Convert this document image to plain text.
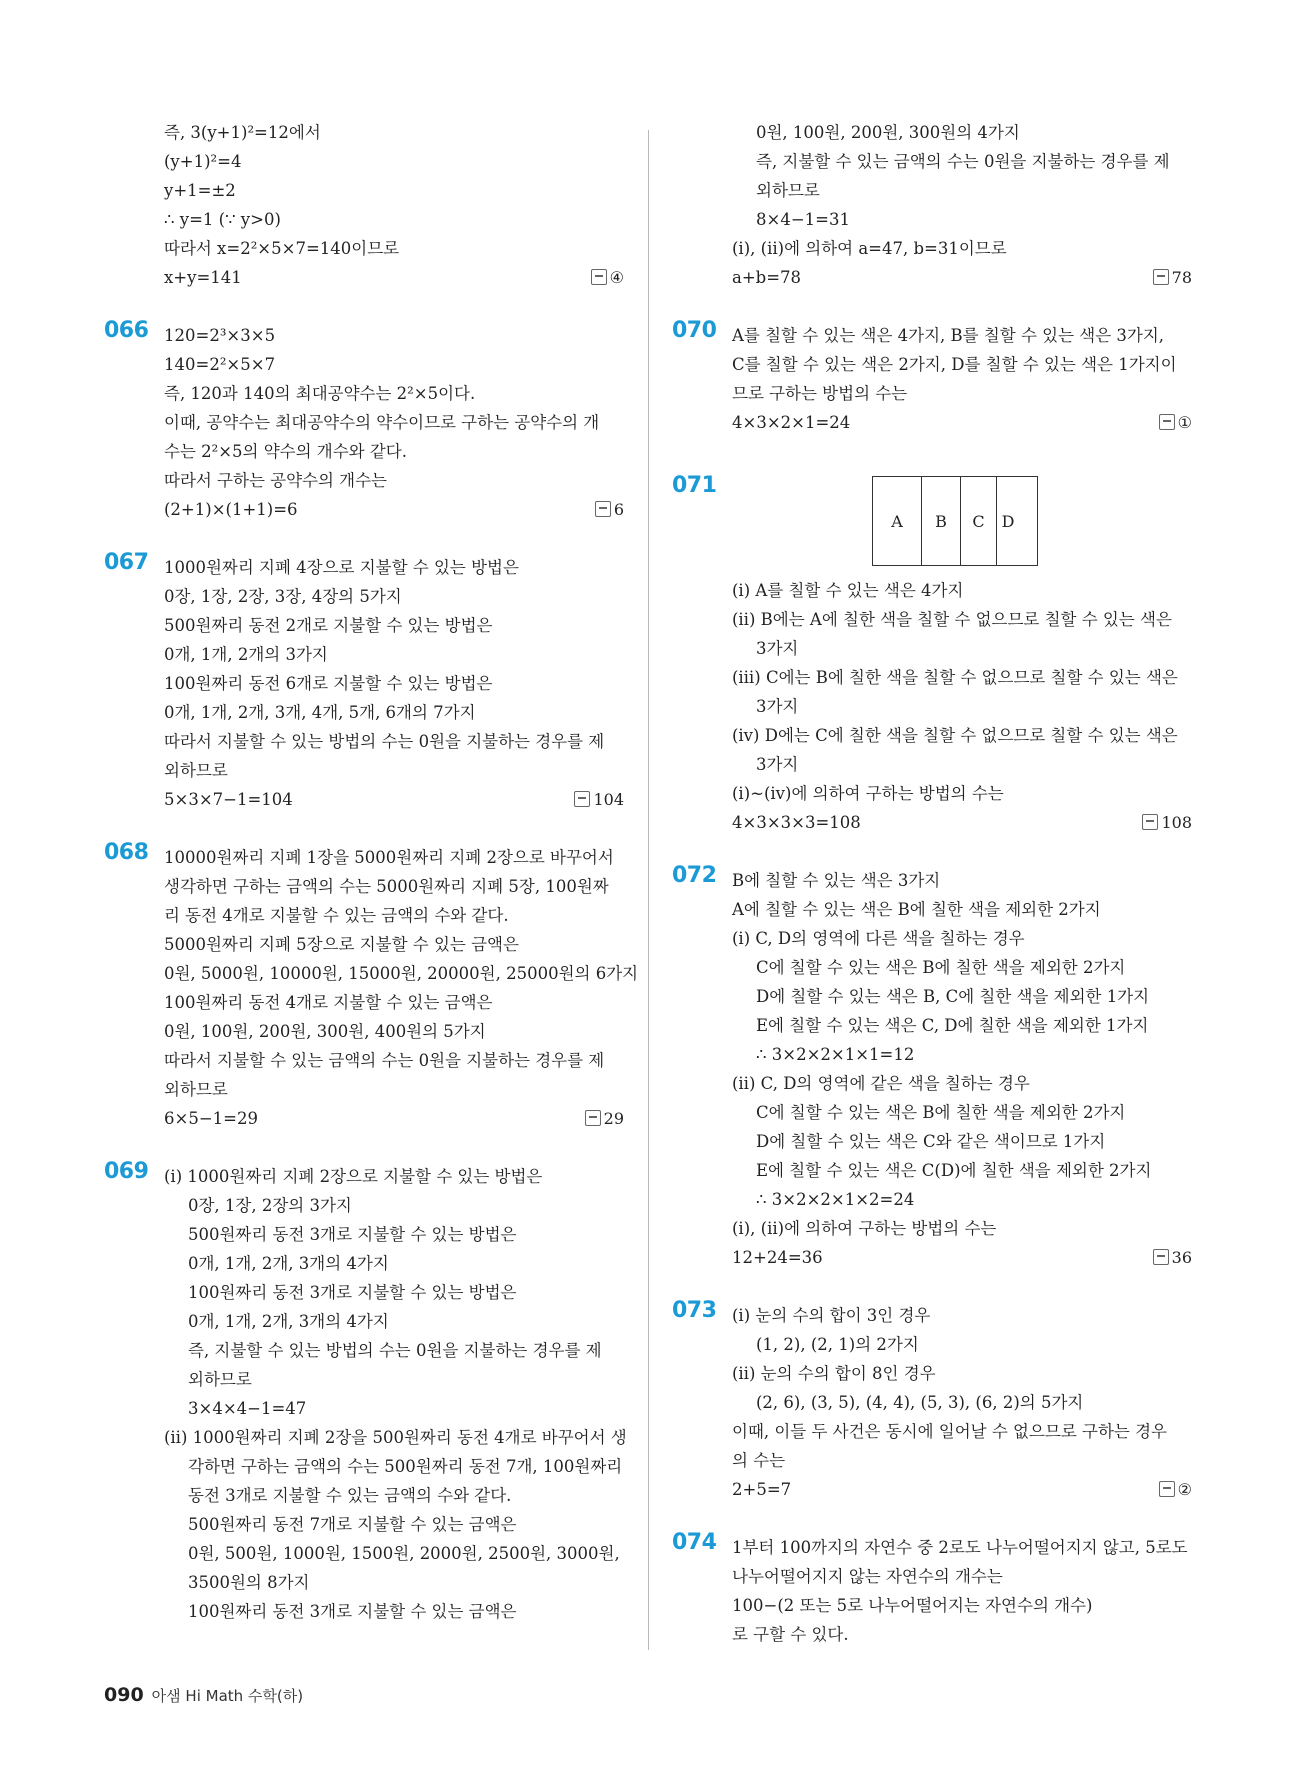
즉, 3(y+1)²=12에서
(y+1)²=4
y+1=±2
∴ y=1 (∵ y>0)
따라서 x=2²×5×7=140이므로
x+y=141	④
066 120=2³×3×5
140=2²×5×7
즉, 120과 140의 최대공약수는 2²×5이다.
이때, 공약수는 최대공약수의 약수이므로 구하는 공약수의 개
수는 2²×5의 약수의 개수와 같다.
따라서 구하는 공약수의 개수는
(2+1)×(1+1)=6	6
067 1000원짜리 지폐 4장으로 지불할 수 있는 방법은
0장, 1장, 2장, 3장, 4장의 5가지
500원짜리 동전 2개로 지불할 수 있는 방법은
0개, 1개, 2개의 3가지
100원짜리 동전 6개로 지불할 수 있는 방법은
0개, 1개, 2개, 3개, 4개, 5개, 6개의 7가지
따라서 지불할 수 있는 방법의 수는 0원을 지불하는 경우를 제
외하므로
5×3×7−1=104	104
068 10000원짜리 지폐 1장을 5000원짜리 지폐 2장으로 바꾸어서
생각하면 구하는 금액의 수는 5000원짜리 지폐 5장, 100원짜
리 동전 4개로 지불할 수 있는 금액의 수와 같다.
5000원짜리 지폐 5장으로 지불할 수 있는 금액은
0원, 5000원, 10000원, 15000원, 20000원, 25000원의 6가지
100원짜리 동전 4개로 지불할 수 있는 금액은
0원, 100원, 200원, 300원, 400원의 5가지
따라서 지불할 수 있는 금액의 수는 0원을 지불하는 경우를 제
외하므로
6×5−1=29	29
069 (ⅰ) 1000원짜리 지폐 2장으로 지불할 수 있는 방법은
0장, 1장, 2장의 3가지
500원짜리 동전 3개로 지불할 수 있는 방법은
0개, 1개, 2개, 3개의 4가지
100원짜리 동전 3개로 지불할 수 있는 방법은
0개, 1개, 2개, 3개의 4가지
즉, 지불할 수 있는 방법의 수는 0원을 지불하는 경우를 제
외하므로
3×4×4−1=47
(ⅱ) 1000원짜리 지폐 2장을 500원짜리 동전 4개로 바꾸어서 생
각하면 구하는 금액의 수는 500원짜리 동전 7개, 100원짜리
동전 3개로 지불할 수 있는 금액의 수와 같다.
500원짜리 동전 7개로 지불할 수 있는 금액은
0원, 500원, 1000원, 1500원, 2000원, 2500원, 3000원,
3500원의 8가지
100원짜리 동전 3개로 지불할 수 있는 금액은
0원, 100원, 200원, 300원의 4가지
즉, 지불할 수 있는 금액의 수는 0원을 지불하는 경우를 제
외하므로
8×4−1=31
(ⅰ), (ⅱ)에 의하여 a=47, b=31이므로
a+b=78	78
070 A를 칠할 수 있는 색은 4가지, B를 칠할 수 있는 색은 3가지,
C를 칠할 수 있는 색은 2가지, D를 칠할 수 있는 색은 1가지이
므로 구하는 방법의 수는
4×3×2×1=24	①
071
A	B	C	D
(ⅰ) A를 칠할 수 있는 색은 4가지
(ⅱ) B에는 A에 칠한 색을 칠할 수 없으므로 칠할 수 있는 색은
3가지
(ⅲ) C에는 B에 칠한 색을 칠할 수 없으므로 칠할 수 있는 색은
3가지
(ⅳ) D에는 C에 칠한 색을 칠할 수 없으므로 칠할 수 있는 색은
3가지
(ⅰ)~(ⅳ)에 의하여 구하는 방법의 수는
4×3×3×3=108	108
072 B에 칠할 수 있는 색은 3가지
A에 칠할 수 있는 색은 B에 칠한 색을 제외한 2가지
(ⅰ) C, D의 영역에 다른 색을 칠하는 경우
C에 칠할 수 있는 색은 B에 칠한 색을 제외한 2가지
D에 칠할 수 있는 색은 B, C에 칠한 색을 제외한 1가지
E에 칠할 수 있는 색은 C, D에 칠한 색을 제외한 1가지
∴ 3×2×2×1×1=12
(ⅱ) C, D의 영역에 같은 색을 칠하는 경우
C에 칠할 수 있는 색은 B에 칠한 색을 제외한 2가지
D에 칠할 수 있는 색은 C와 같은 색이므로 1가지
E에 칠할 수 있는 색은 C(D)에 칠한 색을 제외한 2가지
∴ 3×2×2×1×2=24
(ⅰ), (ⅱ)에 의하여 구하는 방법의 수는
12+24=36	36
073 (ⅰ) 눈의 수의 합이 3인 경우
(1, 2), (2, 1)의 2가지
(ⅱ) 눈의 수의 합이 8인 경우
(2, 6), (3, 5), (4, 4), (5, 3), (6, 2)의 5가지
이때, 이들 두 사건은 동시에 일어날 수 없으므로 구하는 경우
의 수는
2+5=7	②
074 1부터 100까지의 자연수 중 2로도 나누어떨어지지 않고, 5로도
나누어떨어지지 않는 자연수의 개수는
100−(2 또는 5로 나누어떨어지는 자연수의 개수)
로 구할 수 있다.
090 아샘 Hi Math 수학(하)
